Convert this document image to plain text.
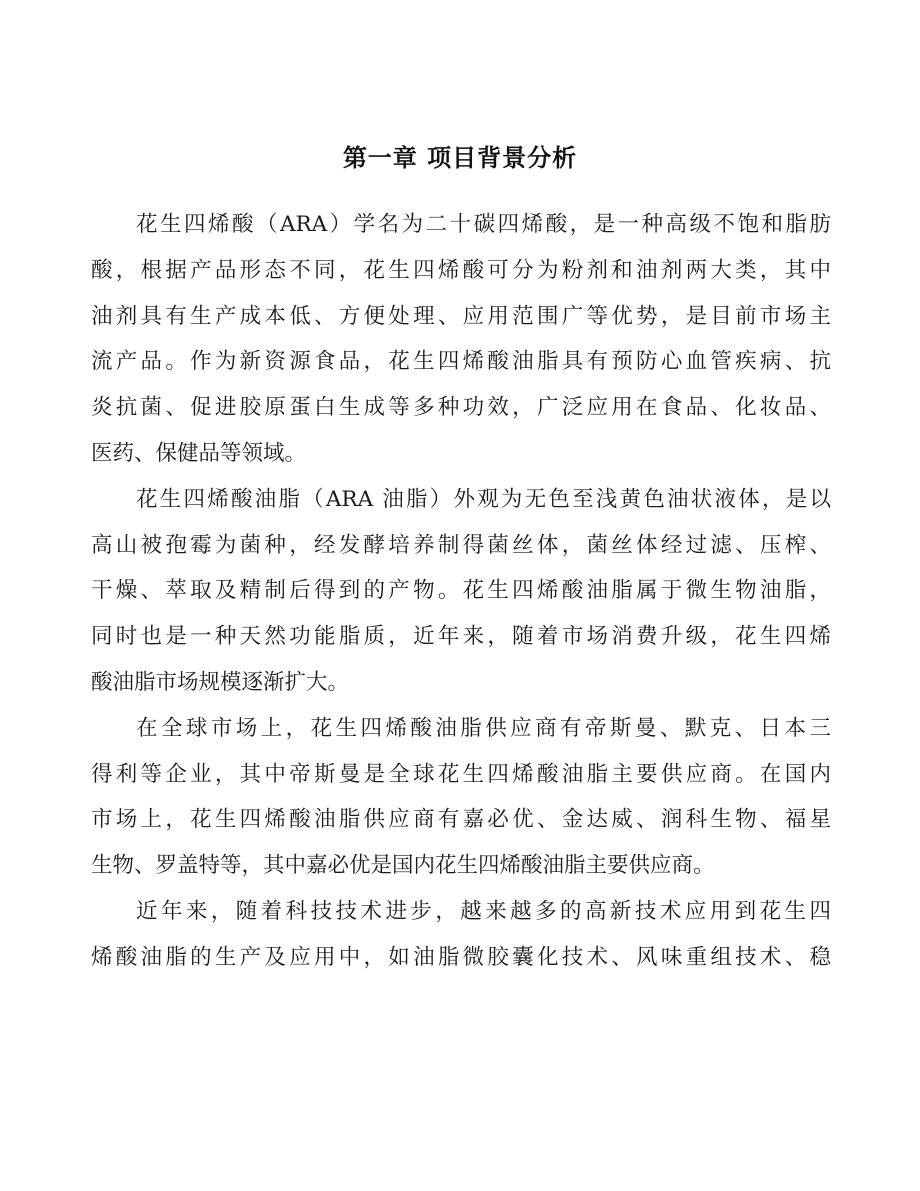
第一章 项目背景分析
花生四烯酸（ARA）学名为二十碳四烯酸，是一种高级不饱和脂肪
酸，根据产品形态不同，花生四烯酸可分为粉剂和油剂两大类，其中
油剂具有生产成本低、方便处理、应用范围广等优势，是目前市场主
流产品。作为新资源食品，花生四烯酸油脂具有预防心血管疾病、抗
炎抗菌、促进胶原蛋白生成等多种功效，广泛应用在食品、化妆品、
医药、保健品等领域。
花生四烯酸油脂（ARA 油脂）外观为无色至浅黄色油状液体，是以
高山被孢霉为菌种，经发酵培养制得菌丝体，菌丝体经过滤、压榨、
干燥、萃取及精制后得到的产物。花生四烯酸油脂属于微生物油脂，
同时也是一种天然功能脂质，近年来，随着市场消费升级，花生四烯
酸油脂市场规模逐渐扩大。
在全球市场上，花生四烯酸油脂供应商有帝斯曼、默克、日本三
得利等企业，其中帝斯曼是全球花生四烯酸油脂主要供应商。在国内
市场上，花生四烯酸油脂供应商有嘉必优、金达威、润科生物、福星
生物、罗盖特等，其中嘉必优是国内花生四烯酸油脂主要供应商。
近年来，随着科技技术进步，越来越多的高新技术应用到花生四
烯酸油脂的生产及应用中，如油脂微胶囊化技术、风味重组技术、稳
